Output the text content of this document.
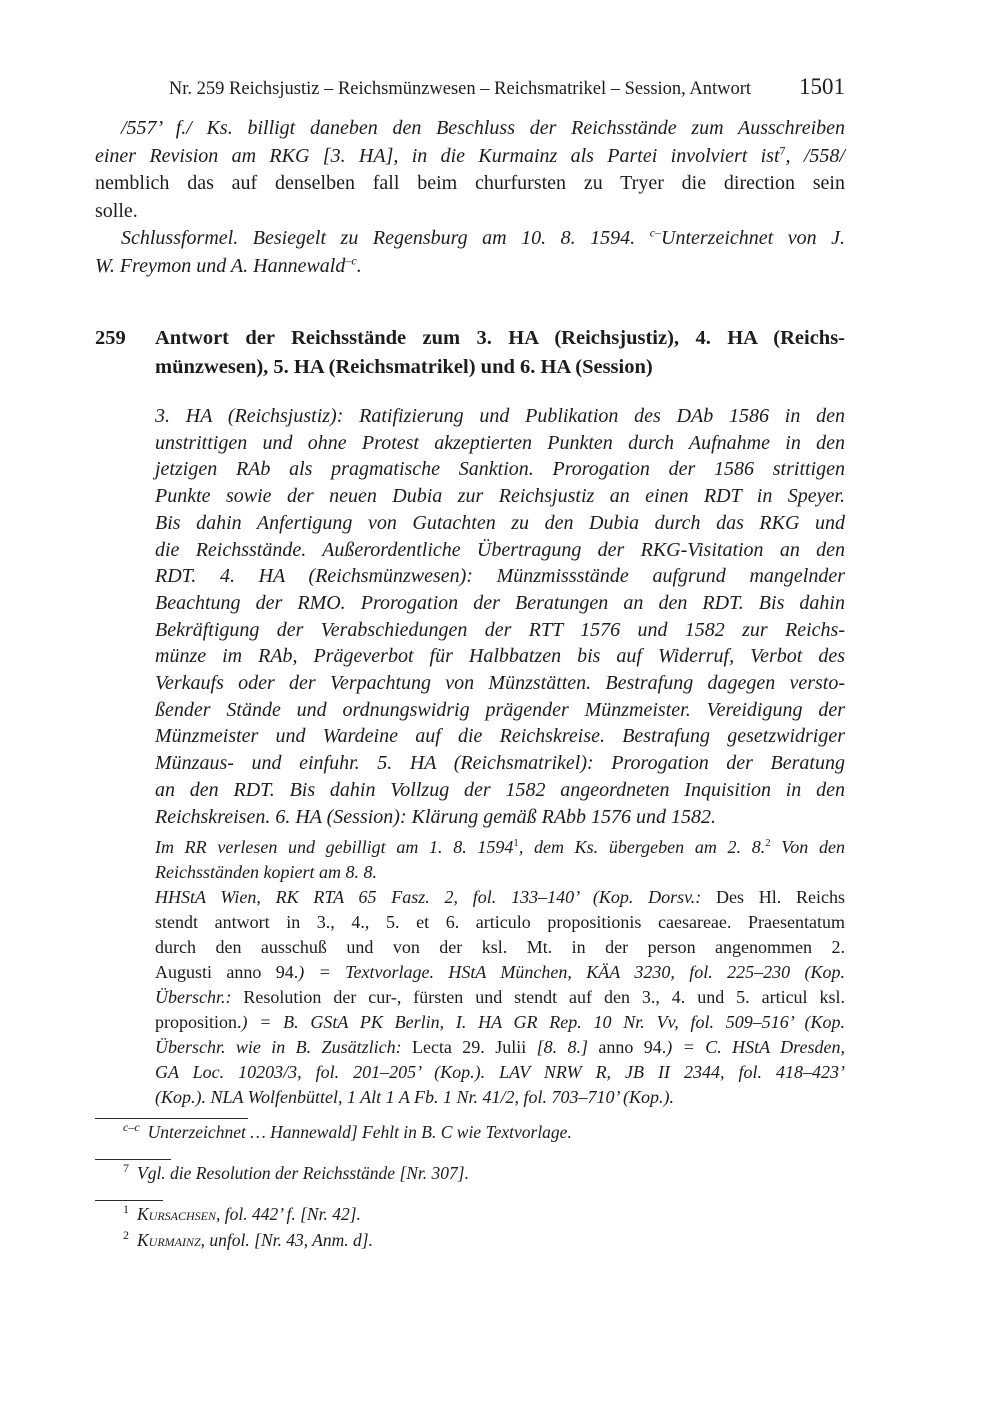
Nr. 259 Reichsjustiz – Reichsmünzwesen – Reichsmatrikel – Session, Antwort	1501
/557’ f./ Ks. billigt daneben den Beschluss der Reichsstände zum Ausschreiben
einer Revision am RKG [3. HA], in die Kurmainz als Partei involviert ist$^7$, /558/
nemblich das auf denselben fall beim churfursten zu Tryer die direction sein
solle.
Schlussformel. Besiegelt zu Regensburg am 10. 8. 1594. $^{c-}$Unterzeichnet von J.
W. Freymon und A. Hannewald$^{-c}$.
259	Antwort der Reichsstände zum 3. HA (Reichsjustiz), 4. HA (Reichs-
münzwesen), 5. HA (Reichsmatrikel) und 6. HA (Session)
3. HA (Reichsjustiz): Ratifizierung und Publikation des DAb 1586 in den
unstrittigen und ohne Protest akzeptierten Punkten durch Aufnahme in den
jetzigen RAb als pragmatische Sanktion. Prorogation der 1586 strittigen
Punkte sowie der neuen Dubia zur Reichsjustiz an einen RDT in Speyer.
Bis dahin Anfertigung von Gutachten zu den Dubia durch das RKG und
die Reichsstände. Außerordentliche Übertragung der RKG-Visitation an den
RDT. 4. HA (Reichsmünzwesen): Münzmissstände aufgrund mangelnder
Beachtung der RMO. Prorogation der Beratungen an den RDT. Bis dahin
Bekräftigung der Verabschiedungen der RTT 1576 und 1582 zur Reichs-
münze im RAb, Prägeverbot für Halbbatzen bis auf Widerruf, Verbot des
Verkaufs oder der Verpachtung von Münzstätten. Bestrafung dagegen versto-
ßender Stände und ordnungswidrig prägender Münzmeister. Vereidigung der
Münzmeister und Wardeine auf die Reichskreise. Bestrafung gesetzwidriger
Münzaus- und einfuhr. 5. HA (Reichsmatrikel): Prorogation der Beratung
an den RDT. Bis dahin Vollzug der 1582 angeordneten Inquisition in den
Reichskreisen. 6. HA (Session): Klärung gemäß RAbb 1576 und 1582.
Im RR verlesen und gebilligt am 1. 8. 1594$^1$, dem Ks. übergeben am 2. 8.$^2$ Von den
Reichsständen kopiert am 8. 8.
HHStA Wien, RK RTA 65 Fasz. 2, fol. 133–140’ (Kop. Dorsv.: Des Hl. Reichs
stendt antwort in 3., 4., 5. et 6. articulo propositionis caesareae. Praesentatum
durch den ausschuß und von der ksl. Mt. in der person angenommen 2.
Augusti anno 94.) = Textvorlage. HStA München, KÄA 3230, fol. 225–230 (Kop.
Überschr.: Resolution der cur-, fürsten und stendt auf den 3., 4. und 5. articul ksl.
proposition.) = B. GStA PK Berlin, I. HA GR Rep. 10 Nr. Vv, fol. 509–516’ (Kop.
Überschr. wie in B. Zusätzlich: Lecta 29. Julii [8. 8.] anno 94.) = C. HStA Dresden,
GA Loc. 10203/3, fol. 201–205’ (Kop.). LAV NRW R, JB II 2344, fol. 418–423’
(Kop.). NLA Wolfenbüttel, 1 Alt 1 A Fb. 1 Nr. 41/2, fol. 703–710’ (Kop.).
$^{c-c}$ Unterzeichnet … Hannewald] Fehlt in B. C wie Textvorlage.
$^7$ Vgl. die Resolution der Reichsstände [Nr. 307].
$^1$ Kursachsen, fol. 442’ f. [Nr. 42].
$^2$ Kurmainz, unfol. [Nr. 43, Anm. d].
